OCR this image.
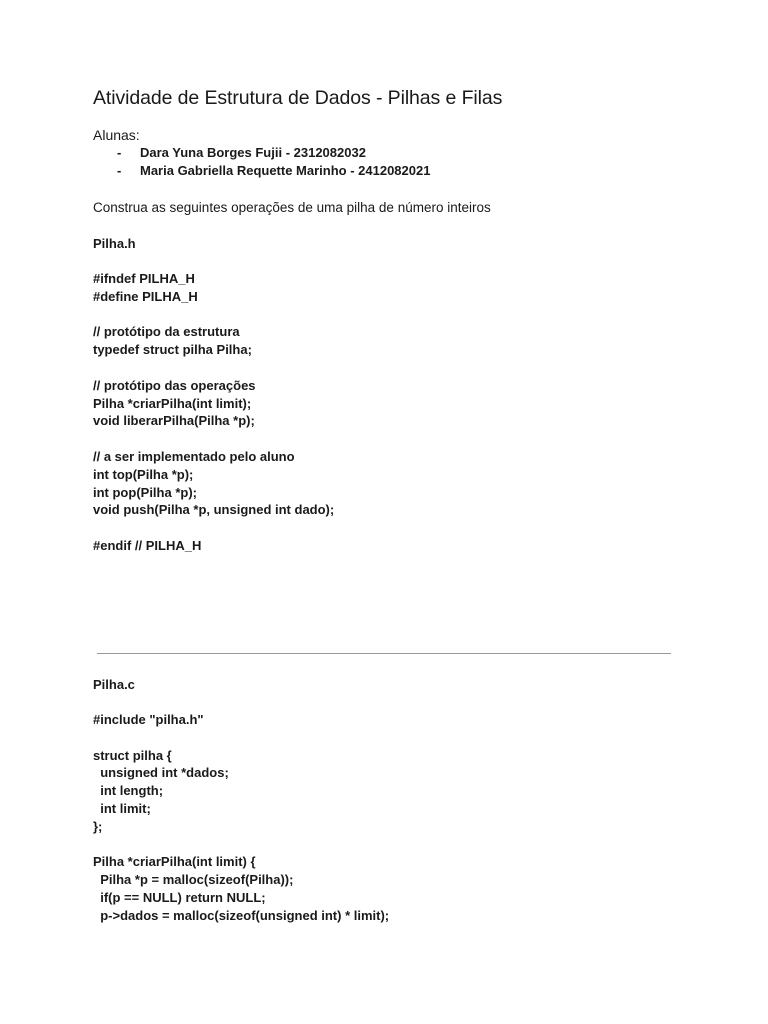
Atividade de Estrutura de Dados - Pilhas e Filas
Alunas:
- Dara Yuna Borges Fujii - 2312082032
- Maria Gabriella Requette Marinho - 2412082021
Construa as seguintes operações de uma pilha de número inteiros
Pilha.h
#ifndef PILHA_H
#define PILHA_H
// protótipo da estrutura
typedef struct pilha Pilha;
// protótipo das operações
Pilha *criarPilha(int limit);
void liberarPilha(Pilha *p);
// a ser implementado pelo aluno
int top(Pilha *p);
int pop(Pilha *p);
void push(Pilha *p, unsigned int dado);
#endif // PILHA_H
Pilha.c
#include "pilha.h"
struct pilha {
unsigned int *dados;
int length;
int limit;
};
Pilha *criarPilha(int limit) {
Pilha *p = malloc(sizeof(Pilha));
if(p == NULL) return NULL;
p->dados = malloc(sizeof(unsigned int) * limit);
